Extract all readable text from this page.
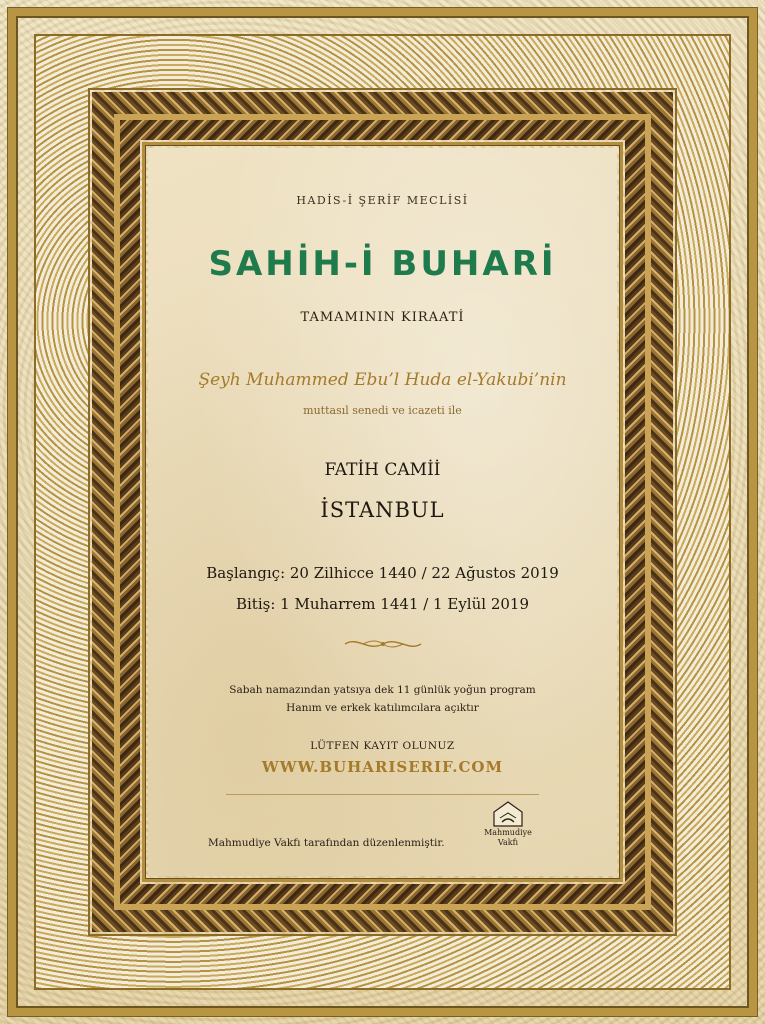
HADİS-İ ŞERİF MECLİSİ

SAHİH-İ BUHARİ

TAMAMININ KIRAATİ

Şeyh Muhammed Ebu’l Huda el-Yakubi’nin

muttasıl senedi ve icazeti ile

FATİH CAMİİ

İSTANBUL

Başlangıç: 20 Zilhicce 1440 / 22 Ağustos 2019

Bitiş: 1 Muharrem 1441 / 1 Eylül 2019

Sabah namazından yatsıya dek 11 günlük yoğun program

Hanım ve erkek katılımcılara açıktır

LÜTFEN KAYIT OLUNUZ

WWW.BUHARISERIF.COM

Mahmudiye Vakfı tarafından düzenlenmiştir.

Mahmudiye
Vakfı
